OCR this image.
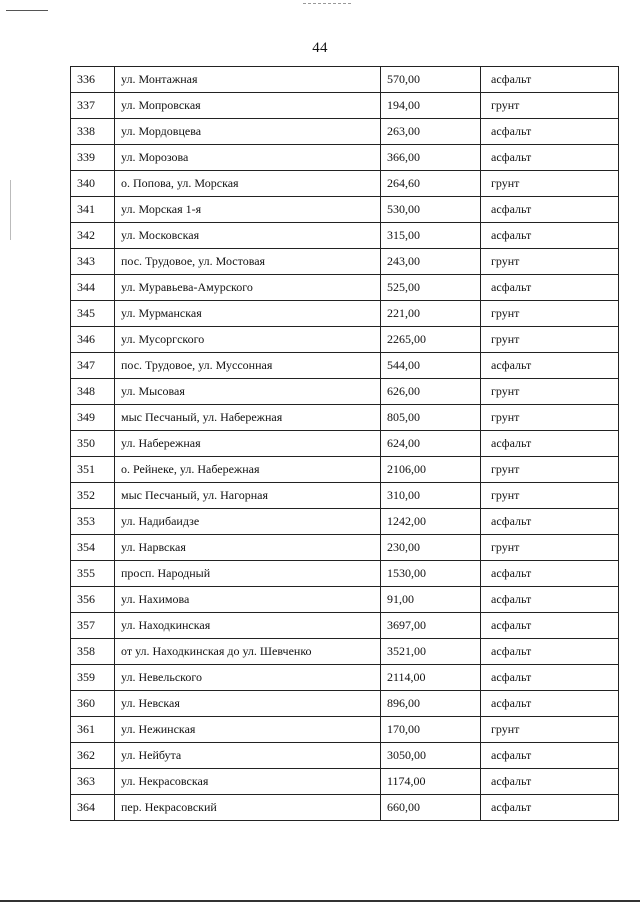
44
336	ул. Монтажная	570,00	асфальт
337	ул. Мопровская	194,00	грунт
338	ул. Мордовцева	263,00	асфальт
339	ул. Морозова	366,00	асфальт
340	о. Попова, ул. Морская	264,60	грунт
341	ул. Морская 1-я	530,00	асфальт
342	ул. Московская	315,00	асфальт
343	пос. Трудовое, ул. Мостовая	243,00	грунт
344	ул. Муравьева-Амурского	525,00	асфальт
345	ул. Мурманская	221,00	грунт
346	ул. Мусоргского	2265,00	грунт
347	пос. Трудовое, ул. Муссонная	544,00	асфальт
348	ул. Мысовая	626,00	грунт
349	мыс Песчаный, ул. Набережная	805,00	грунт
350	ул. Набережная	624,00	асфальт
351	о. Рейнеке, ул. Набережная	2106,00	грунт
352	мыс Песчаный, ул. Нагорная	310,00	грунт
353	ул. Надибаидзе	1242,00	асфальт
354	ул. Нарвская	230,00	грунт
355	просп. Народный	1530,00	асфальт
356	ул. Нахимова	91,00	асфальт
357	ул. Находкинская	3697,00	асфальт
358	от ул. Находкинская до ул. Шевченко	3521,00	асфальт
359	ул. Невельского	2114,00	асфальт
360	ул. Невская	896,00	асфальт
361	ул. Нежинская	170,00	грунт
362	ул. Нейбута	3050,00	асфальт
363	ул. Некрасовская	1174,00	асфальт
364	пер. Некрасовский	660,00	асфальт
